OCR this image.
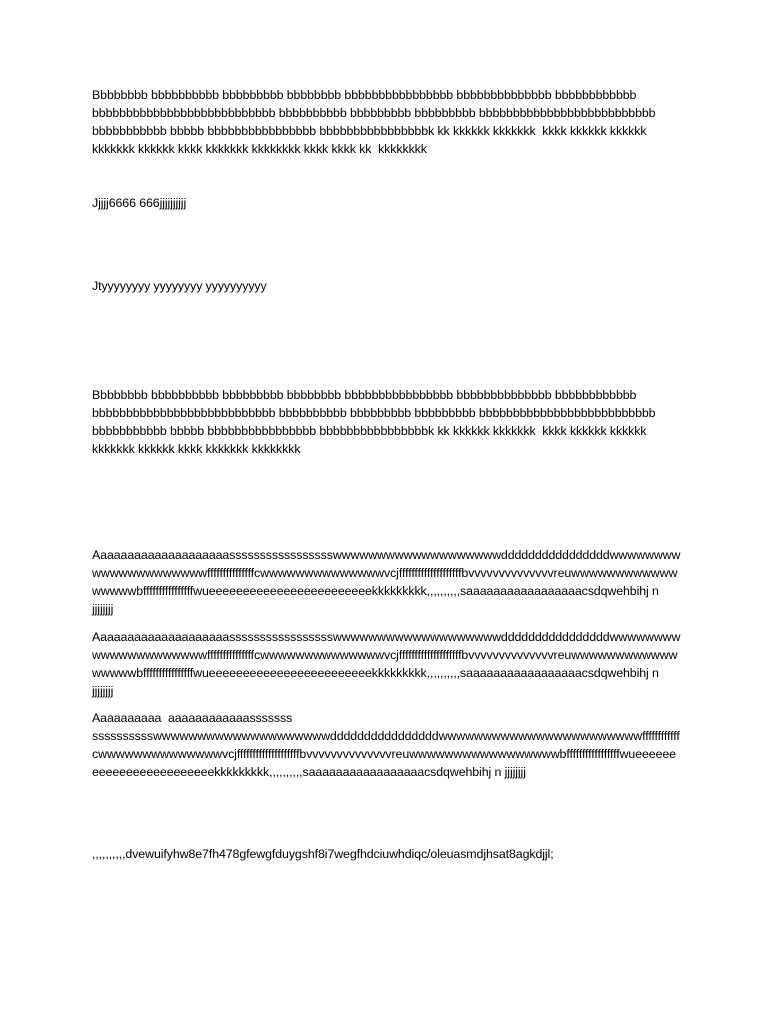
Bbbbbbbb bbbbbbbbbb bbbbbbbbb bbbbbbbb bbbbbbbbbbbbbbbb bbbbbbbbbbbbbb bbbbbbbbbbbb bbbbbbbbbbbbbbbbbbbbbbbbbbb bbbbbbbbbb bbbbbbbbb bbbbbbbbb bbbbbbbbbbbbbbbbbbbbbbbbbb bbbbbbbbbbb bbbbb bbbbbbbbbbbbbbbb bbbbbbbbbbbbbbbbk kk kkkkkk kkkkkkk  kkkk kkkkkk kkkkkk kkkkkkk kkkkkk kkkk kkkkkkk kkkkkkkk kkkk kkkk kk  kkkkkkkk

Jjjjj6666 666jjjjjjjjjj

Jtyyyyyyyy yyyyyyyy yyyyyyyyyy

Bbbbbbbb bbbbbbbbbb bbbbbbbbb bbbbbbbb bbbbbbbbbbbbbbbb bbbbbbbbbbbbbb bbbbbbbbbbbb bbbbbbbbbbbbbbbbbbbbbbbbbbb bbbbbbbbbb bbbbbbbbb bbbbbbbbb bbbbbbbbbbbbbbbbbbbbbbbbbb bbbbbbbbbbb bbbbb bbbbbbbbbbbbbbbb bbbbbbbbbbbbbbbbk kk kkkkkk kkkkkkk  kkkk kkkkkk kkkkkk kkkkkkk kkkkkk kkkk kkkkkkk kkkkkkkk

Aaaaaaaaaaaaaaaaaaaassssssssssssssssswwwwwwwwwwwwwwwwwwwddddddddddddddddwwwwwwwwwwwwwwwwwwwwwfffffffffffffffcwwwwwwwwwwwwwwvcjffffffffffffffffffffbvvvvvvvvvvvvvvreuwwwwwwwwwwwwwwwwwbffffffffffffffffwueeeeeeeeeeeeeeeeeeeeeeeekkkkkkkkk,,,,,,,,,,saaaaaaaaaaaaaaaaacsdqwehbihj n jjjjjjjj

Aaaaaaaaaaaaaaaaaaaassssssssssssssssswwwwwwwwwwwwwwwwwwwddddddddddddddddwwwwwwwwwwwwwwwwwwwwwfffffffffffffffcwwwwwwwwwwwwwwvcjffffffffffffffffffffbvvvvvvvvvvvvvvreuwwwwwwwwwwwwwwwwwbffffffffffffffffwueeeeeeeeeeeeeeeeeeeeeeeekkkkkkkkk,,,,,,,,,,saaaaaaaaaaaaaaaaacsdqwehbihj n jjjjjjjj

Aaaaaaaaaa  aaaaaaaaaaaasssssss sssssssssswwwwwwwwwwwwwwwwwwwwddddddddddddddddwwwwwwwwwwwwwwwwwwwwwwwffffffffffffcwwwwwwwwwwwwwwvcjffffffffffffffffffffbvvvvvvvvvvvvvvreuwwwwwwwwwwwwwwwwwbfffffffffffffffffwueeeeeeeeeeeeeeeeeeeeeeeekkkkkkkkk,,,,,,,,,,saaaaaaaaaaaaaaaaacsdqwehbihj n jjjjjjjj

,,,,,,,,,,dvewuifyhw8e7fh478gfewgfduygshf8i7wegfhdciuwhdiqc/oleuasmdjhsat8agkdjjl;
